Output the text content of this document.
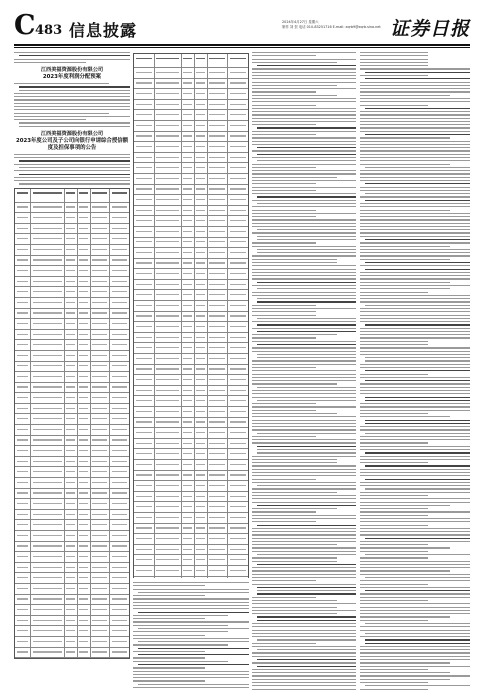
C 483 信息披露	2024年4月27日 星期六
制作 刘 贺 电话 010-83251716 E-mail: zqrb9@zqrb.sina.net 证券日报
江西美福资源股份有限公司
2023年度利润分配预案
江西美福资源股份有限公司
2023年度公司及子公司向银行申请综合授信额度及担保事项的公告
